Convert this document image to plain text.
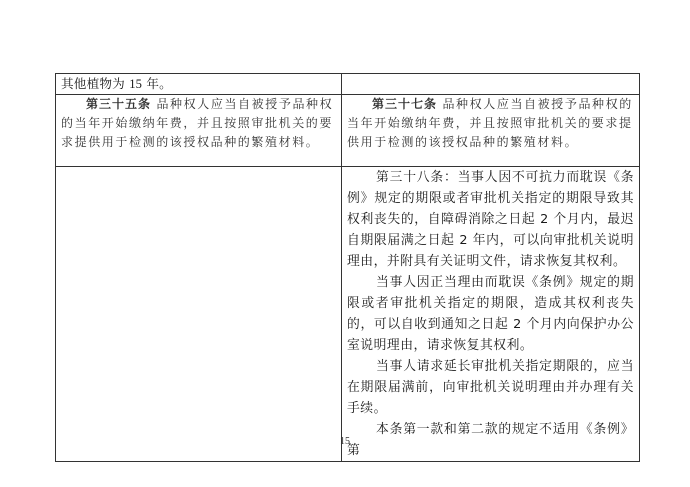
其他植物为 15 年。	

第三十五条 品种权人应当自被授予品种权的当年开始缴纳年费，并且按照审批机关的要求提供用于检测的该授权品种的繁殖材料。	第三十七条 品种权人应当自被授予品种权的当年开始缴纳年费，并且按照审批机关的要求提供用于检测的该授权品种的繁殖材料。

	第三十八条：当事人因不可抗力而耽误《条例》规定的期限或者审批机关指定的期限导致其权利丧失的，自障碍消除之日起 2 个月内，最迟自期限届满之日起 2 年内，可以向审批机关说明理由，并附具有关证明文件，请求恢复其权利。

当事人因正当理由而耽误《条例》规定的期限或者审批机关指定的期限，造成其权利丧失的，可以自收到通知之日起 2 个月内向保护办公室说明理由，请求恢复其权利。

当事人请求延长审批机关指定期限的，应当在期限届满前，向审批机关说明理由并办理有关手续。

本条第一款和第二款的规定不适用《条例》第

15
